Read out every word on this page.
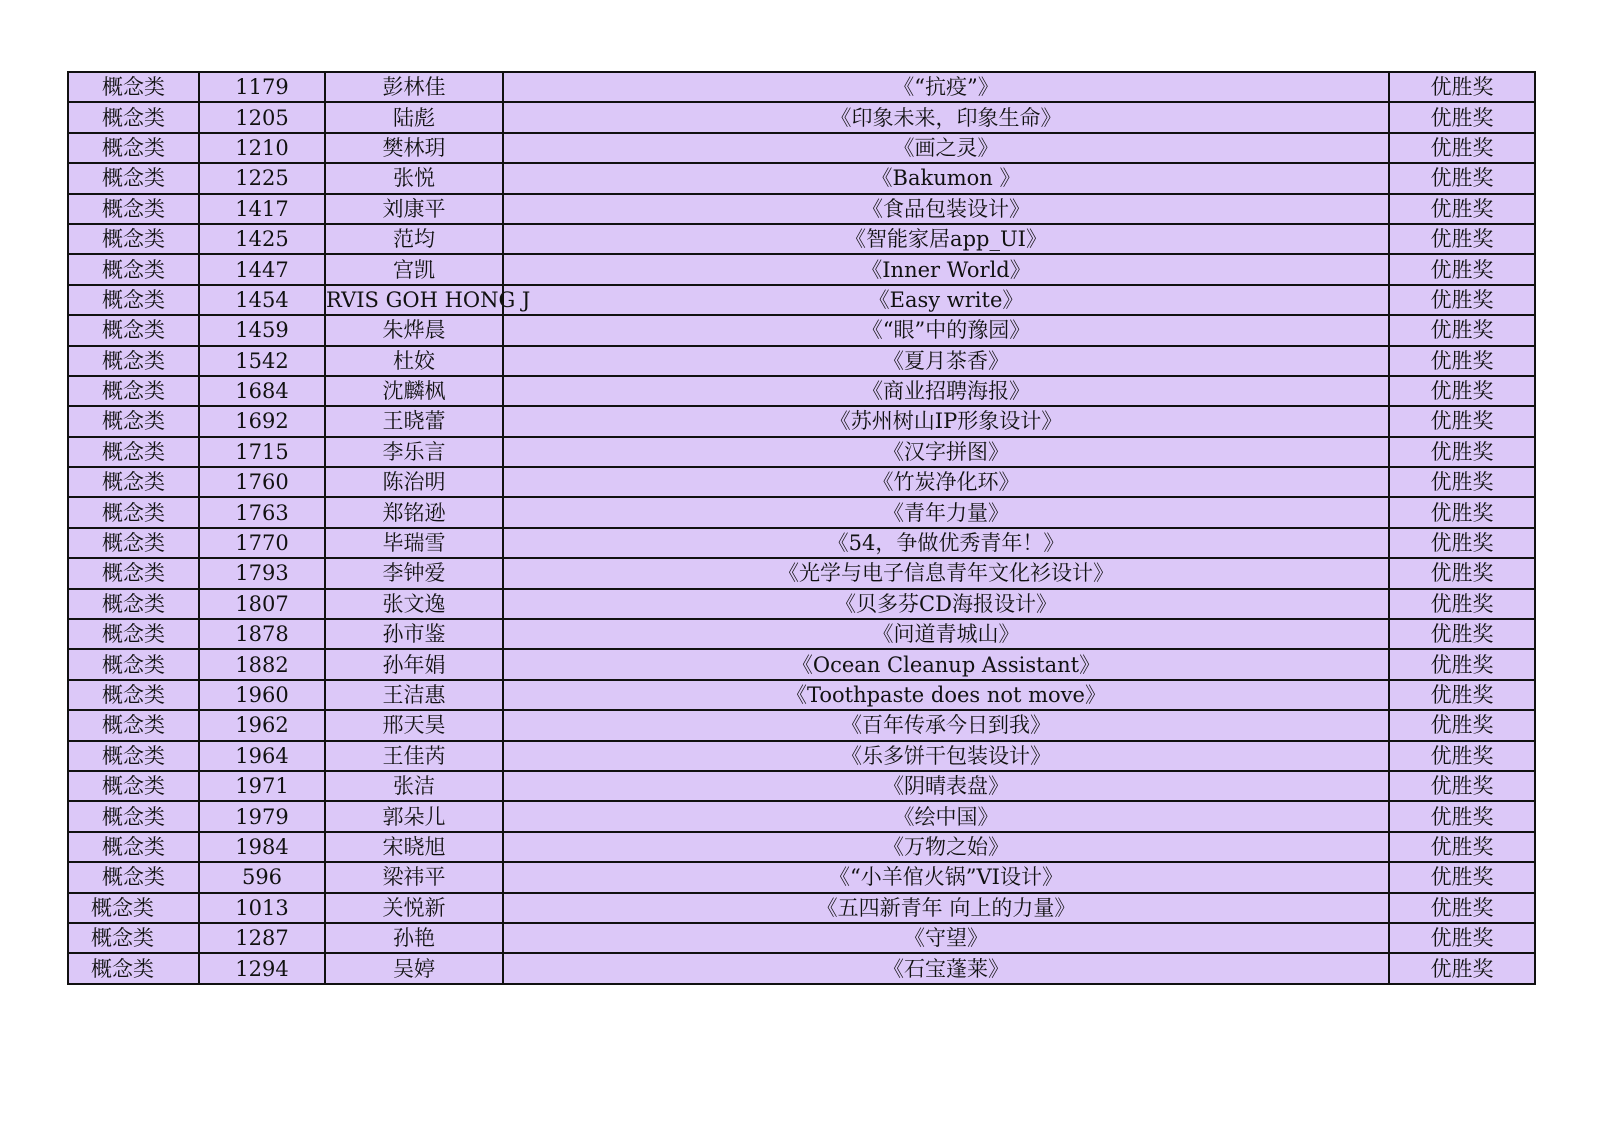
概念类	1179	彭林佳	《“抗疫”》	优胜奖
概念类	1205	陆彪	《印象未来，印象生命》	优胜奖
概念类	1210	樊林玥	《画之灵》	优胜奖
概念类	1225	张悦	《Bakumon 》	优胜奖
概念类	1417	刘康平	《食品包装设计》	优胜奖
概念类	1425	范均	《智能家居app_UI》	优胜奖
概念类	1447	宫凯	《Inner World》	优胜奖
概念类	1454	RVIS GOH HONG J	《Easy write》	优胜奖
概念类	1459	朱烨晨	《“眼”中的豫园》	优胜奖
概念类	1542	杜姣	《夏月茶香》	优胜奖
概念类	1684	沈麟枫	《商业招聘海报》	优胜奖
概念类	1692	王晓蕾	《苏州树山IP形象设计》	优胜奖
概念类	1715	李乐言	《汉字拼图》	优胜奖
概念类	1760	陈治明	《竹炭净化环》	优胜奖
概念类	1763	郑铭逊	《青年力量》	优胜奖
概念类	1770	毕瑞雪	《54，争做优秀青年！》	优胜奖
概念类	1793	李钟爱	《光学与电子信息青年文化衫设计》	优胜奖
概念类	1807	张文逸	《贝多芬CD海报设计》	优胜奖
概念类	1878	孙市鉴	《问道青城山》	优胜奖
概念类	1882	孙年娟	《Ocean Cleanup Assistant》	优胜奖
概念类	1960	王洁惠	《Toothpaste does not move》	优胜奖
概念类	1962	邢天昊	《百年传承今日到我》	优胜奖
概念类	1964	王佳芮	《乐多饼干包装设计》	优胜奖
概念类	1971	张洁	《阴晴表盘》	优胜奖
概念类	1979	郭朵儿	《绘中国》	优胜奖
概念类	1984	宋晓旭	《万物之始》	优胜奖
概念类	596	梁祎平	《“小羊倌火锅”VI设计》	优胜奖
概念类	1013	关悦新	《五四新青年 向上的力量》	优胜奖
概念类	1287	孙艳	《守望》	优胜奖
概念类	1294	吴婷	《石宝蓬莱》	优胜奖
